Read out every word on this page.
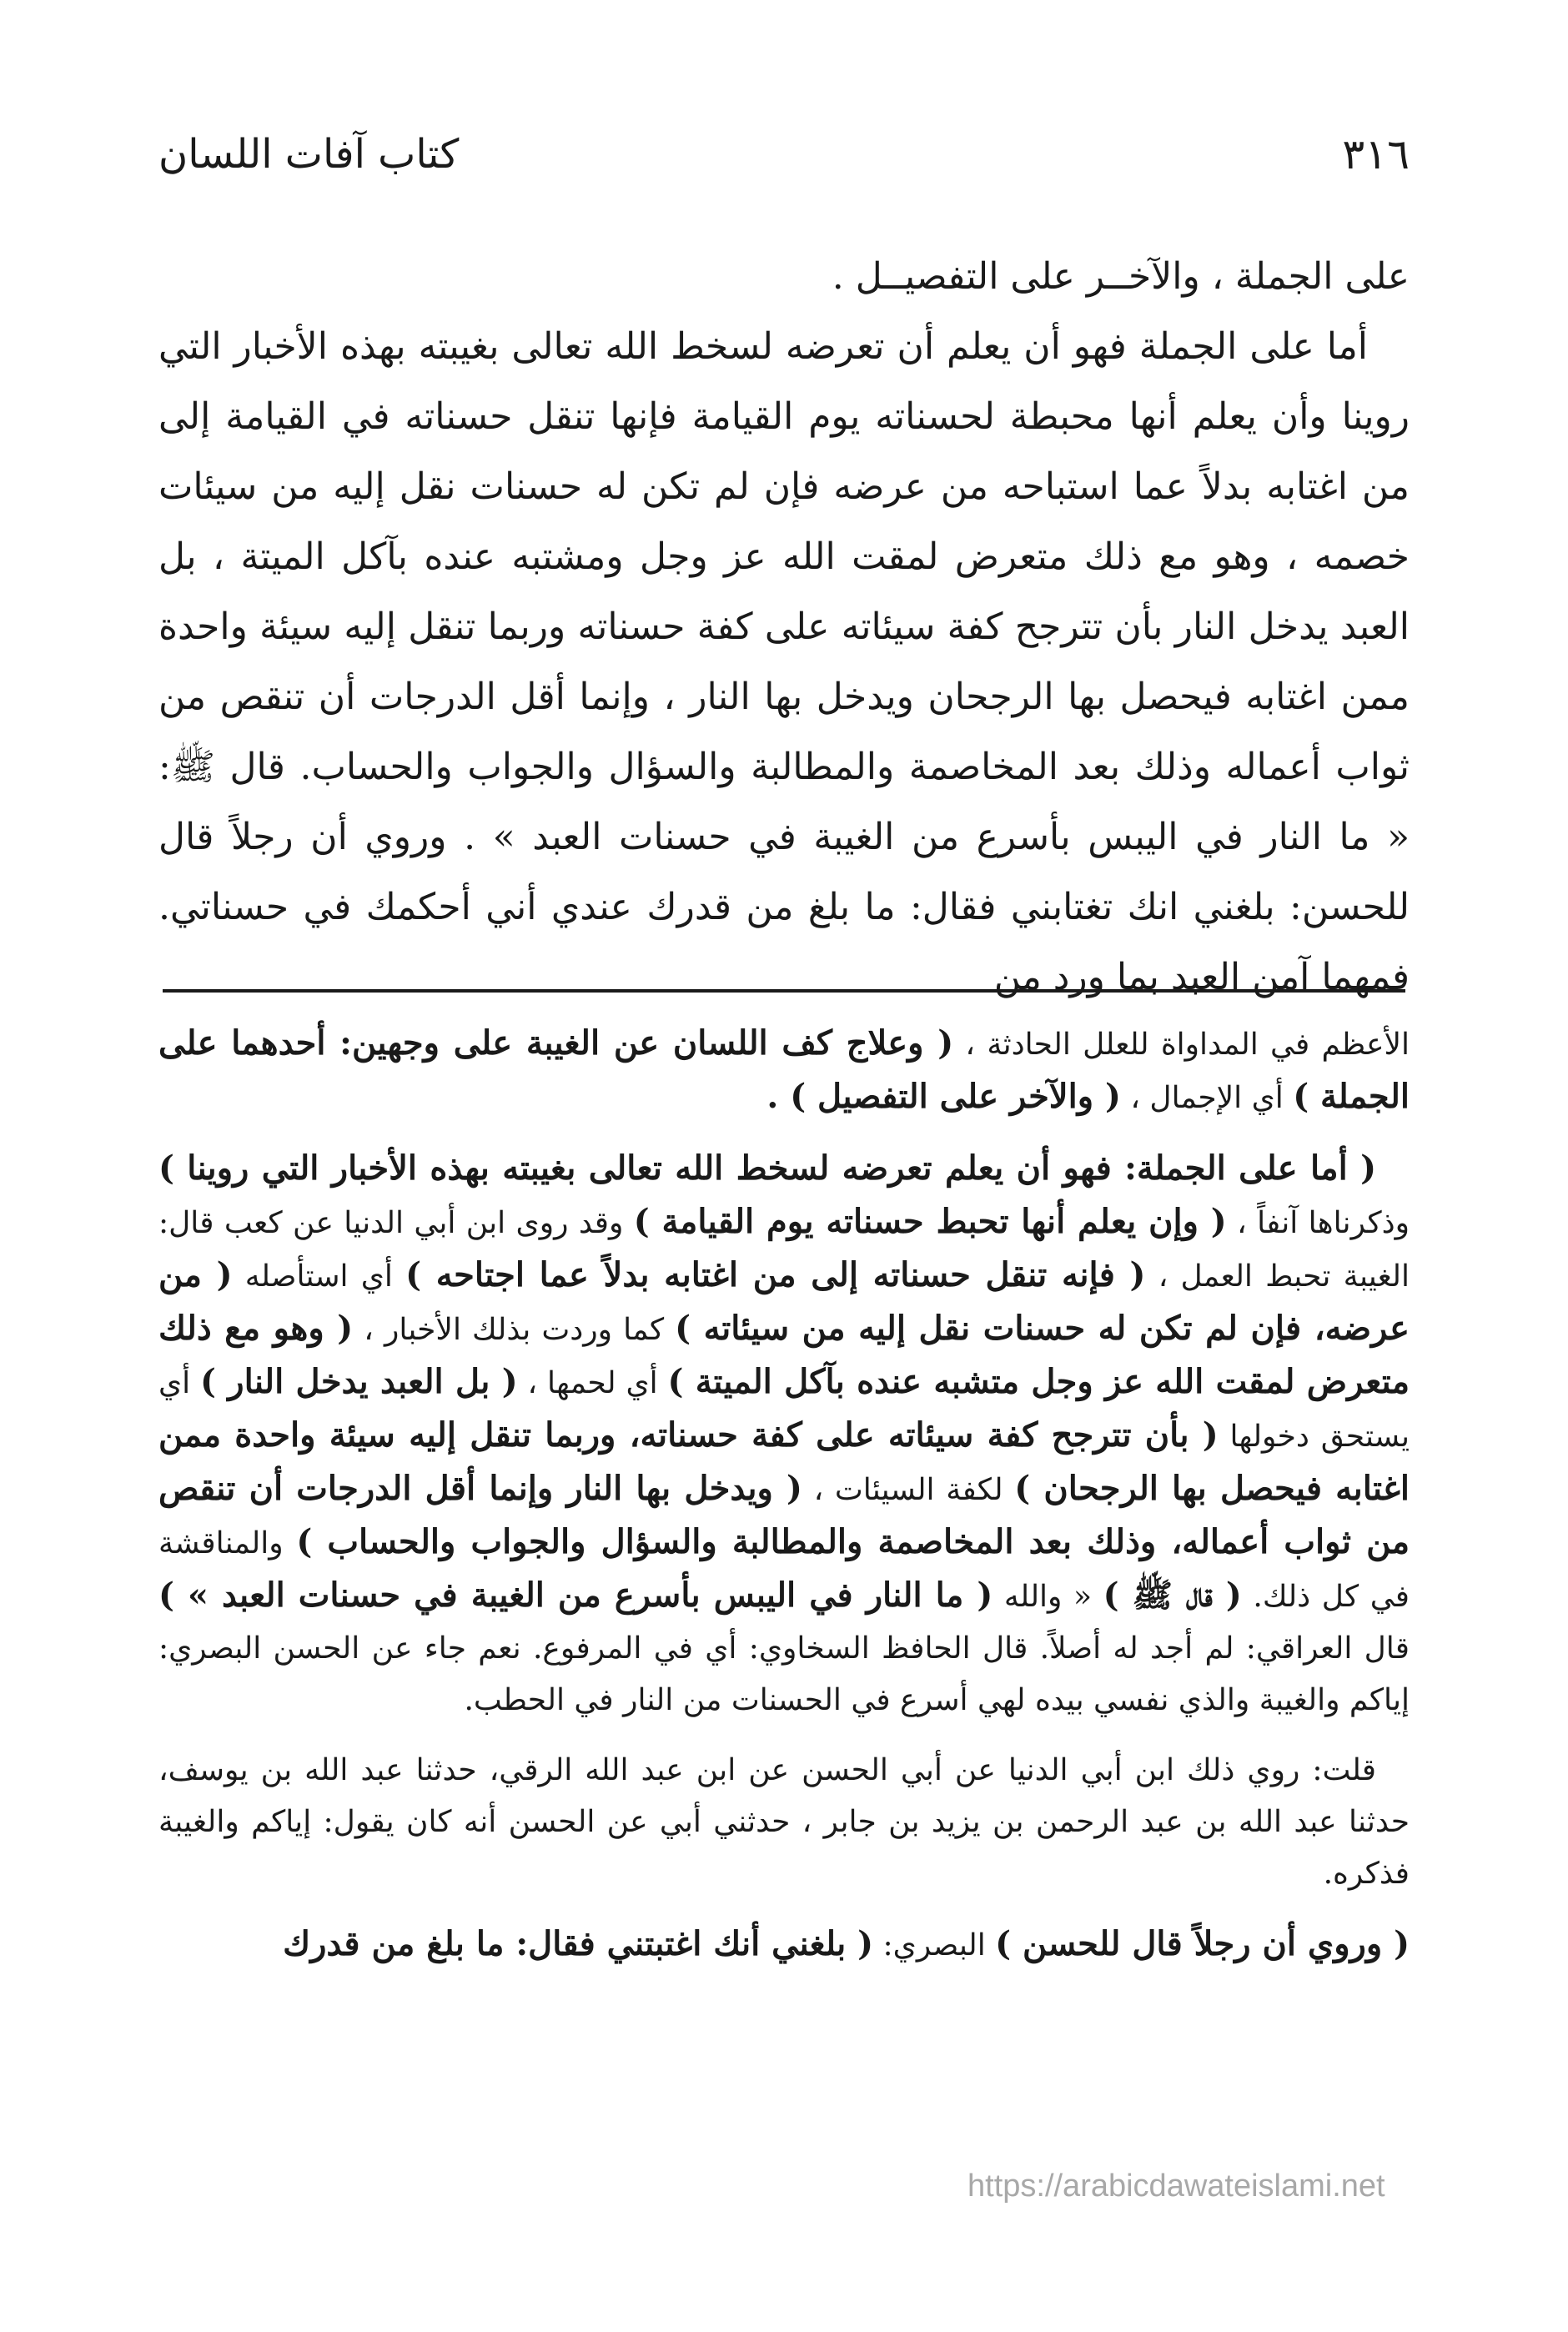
٣١٦
كتاب آفات اللسان

على الجملة ، والآخــر على التفصيــل .

أما على الجملة فهو أن يعلم أن تعرضه لسخط الله تعالى بغيبته بهذه الأخبار التي روينا وأن يعلم أنها محبطة لحسناته يوم القيامة فإنها تنقل حسناته في القيامة إلى من اغتابه بدلاً عما استباحه من عرضه فإن لم تكن له حسنات نقل إليه من سيئات خصمه ، وهو مع ذلك متعرض لمقت الله عز وجل ومشتبه عنده بآكل الميتة ، بل العبد يدخل النار بأن تترجح كفة سيئاته على كفة حسناته وربما تنقل إليه سيئة واحدة ممن اغتابه فيحصل بها الرجحان ويدخل بها النار ، وإنما أقل الدرجات أن تنقص من ثواب أعماله وذلك بعد المخاصمة والمطالبة والسؤال والجواب والحساب. قال ﷺ: « ما النار في اليبس بأسرع من الغيبة في حسنات العبد » . وروي أن رجلاً قال للحسن: بلغني انك تغتابني فقال: ما بلغ من قدرك عندي أني أحكمك في حسناتي. فمهما آمن العبد بما ورد من

الأعظم في المداواة للعلل الحادثة ، ( وعلاج كف اللسان عن الغيبة على وجهين: أحدهما على الجملة ) أي الإجمال ، ( والآخر على التفصيل ) .

( أما على الجملة: فهو أن يعلم تعرضه لسخط الله تعالى بغيبته بهذه الأخبار التي روينا ) وذكرناها آنفاً ، ( وإن يعلم أنها تحبط حسناته يوم القيامة ) وقد روى ابن أبي الدنيا عن كعب قال: الغيبة تحبط العمل ، ( فإنه تنقل حسناته إلى من اغتابه بدلاً عما اجتاحه ) أي استأصله ( من عرضه، فإن لم تكن له حسنات نقل إليه من سيئاته ) كما وردت بذلك الأخبار ، ( وهو مع ذلك متعرض لمقت الله عز وجل متشبه عنده بآكل الميتة ) أي لحمها ، ( بل العبد يدخل النار ) أي يستحق دخولها ( بأن تترجح كفة سيئاته على كفة حسناته، وربما تنقل إليه سيئة واحدة ممن اغتابه فيحصل بها الرجحان ) لكفة السيئات ، ( ويدخل بها النار وإنما أقل الدرجات أن تنقص من ثواب أعماله، وذلك بعد المخاصمة والمطالبة والسؤال والجواب والحساب ) والمناقشة في كل ذلك. ( قال ﷺ ) « والله ( ما النار في اليبس بأسرع من الغيبة في حسنات العبد » ) قال العراقي: لم أجد له أصلاً. قال الحافظ السخاوي: أي في المرفوع. نعم جاء عن الحسن البصري: إياكم والغيبة والذي نفسي بيده لهي أسرع في الحسنات من النار في الحطب.

قلت: روي ذلك ابن أبي الدنيا عن أبي الحسن عن ابن عبد الله الرقي، حدثنا عبد الله بن يوسف، حدثنا عبد الله بن عبد الرحمن بن يزيد بن جابر ، حدثني أبي عن الحسن أنه كان يقول: إياكم والغيبة فذكره.

( وروي أن رجلاً قال للحسن ) البصري: ( بلغني أنك اغتبتني فقال: ما بلغ من قدرك

https://arabicdawateislami.net
